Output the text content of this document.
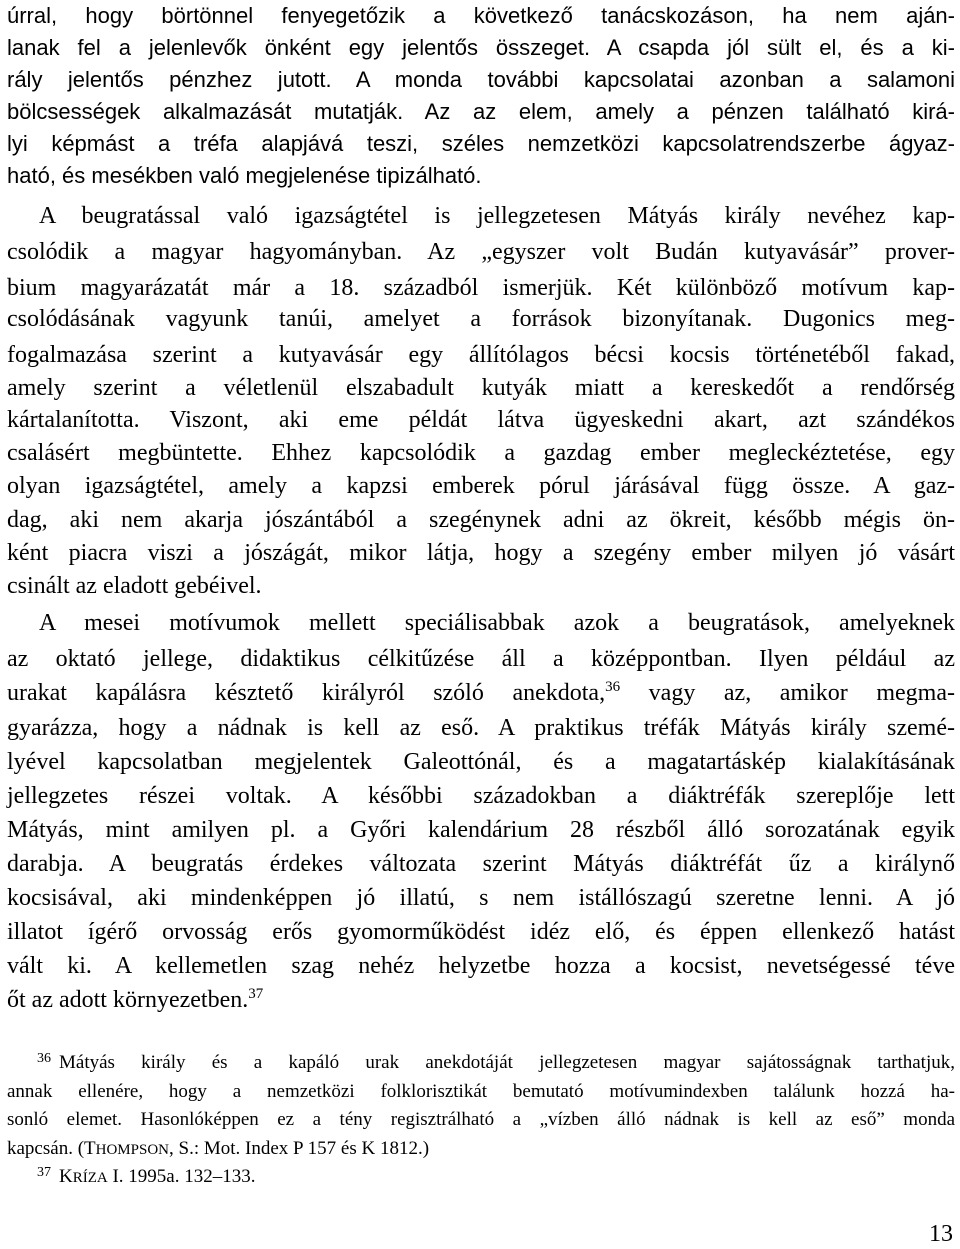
úrral, hogy börtönnel fenyegetőzik a következő tanácskozáson, ha nem aján-
lanak fel a jelenlevők önként egy jelentős összeget. A csapda jól sült el, és a ki-
rály jelentős pénzhez jutott. A monda további kapcsolatai azonban a salamoni
bölcsességek alkalmazását mutatják. Az az elem, amely a pénzen található kirá-
lyi képmást a tréfa alapjává teszi, széles nemzetközi kapcsolatrendszerbe ágyaz-
ható, és mesékben való megjelenése tipizálható.
A beugratással való igazságtétel is jellegzetesen Mátyás király nevéhez kap-
csolódik a magyar hagyományban. Az „egyszer volt Budán kutyavásár” prover-
bium magyarázatát már a 18. századból ismerjük. Két különböző motívum kap-
csolódásának vagyunk tanúi, amelyet a források bizonyítanak. Dugonics meg-
fogalmazása szerint a kutyavásár egy állítólagos bécsi kocsis történetéből fakad,
amely szerint a véletlenül elszabadult kutyák miatt a kereskedőt a rendőrség
kártalanította. Viszont, aki eme példát látva ügyeskedni akart, azt szándékos
csalásért megbüntette. Ehhez kapcsolódik a gazdag ember megleckéztetése, egy
olyan igazságtétel, amely a kapzsi emberek pórul járásával függ össze. A gaz-
dag, aki nem akarja jószántából a szegénynek adni az ökreit, később mégis ön-
ként piacra viszi a jószágát, mikor látja, hogy a szegény ember milyen jó vásárt
csinált az eladott gebéivel.
A mesei motívumok mellett speciálisabbak azok a beugratások, amelyeknek
az oktató jellege, didaktikus célkitűzése áll a középpontban. Ilyen például az
urakat kapálásra késztető királyról szóló anekdota,$^{36}$ vagy az, amikor megma-
gyarázza, hogy a nádnak is kell az eső. A praktikus tréfák Mátyás király szemé-
lyével kapcsolatban megjelentek Galeottónál, és a magatartáskép kialakításának
jellegzetes részei voltak. A későbbi századokban a diáktréfák szereplője lett
Mátyás, mint amilyen pl. a Győri kalendárium 28 részből álló sorozatának egyik
darabja. A beugratás érdekes változata szerint Mátyás diáktréfát űz a királynő
kocsisával, aki mindenképpen jó illatú, s nem istállószagú szeretne lenni. A jó
illatot ígérő orvosság erős gyomorműködést idéz elő, és éppen ellenkező hatást
vált ki. A kellemetlen szag nehéz helyzetbe hozza a kocsist, nevetségessé téve
őt az adott környezetben.$^{37}$
$^{36}$ Mátyás király és a kapáló urak anekdotáját jellegzetesen magyar sajátosságnak tarthatjuk,
annak ellenére, hogy a nemzetközi folklorisztikát bemutató motívumindexben találunk hozzá ha-
sonló elemet. Hasonlóképpen ez a tény regisztrálható a „vízben álló nádnak is kell az eső” monda
kapcsán. (THOMPSON, S.: Mot. Index P 157 és K 1812.)
$^{37}$ KRÍZА I. 1995a. 132–133.
13
